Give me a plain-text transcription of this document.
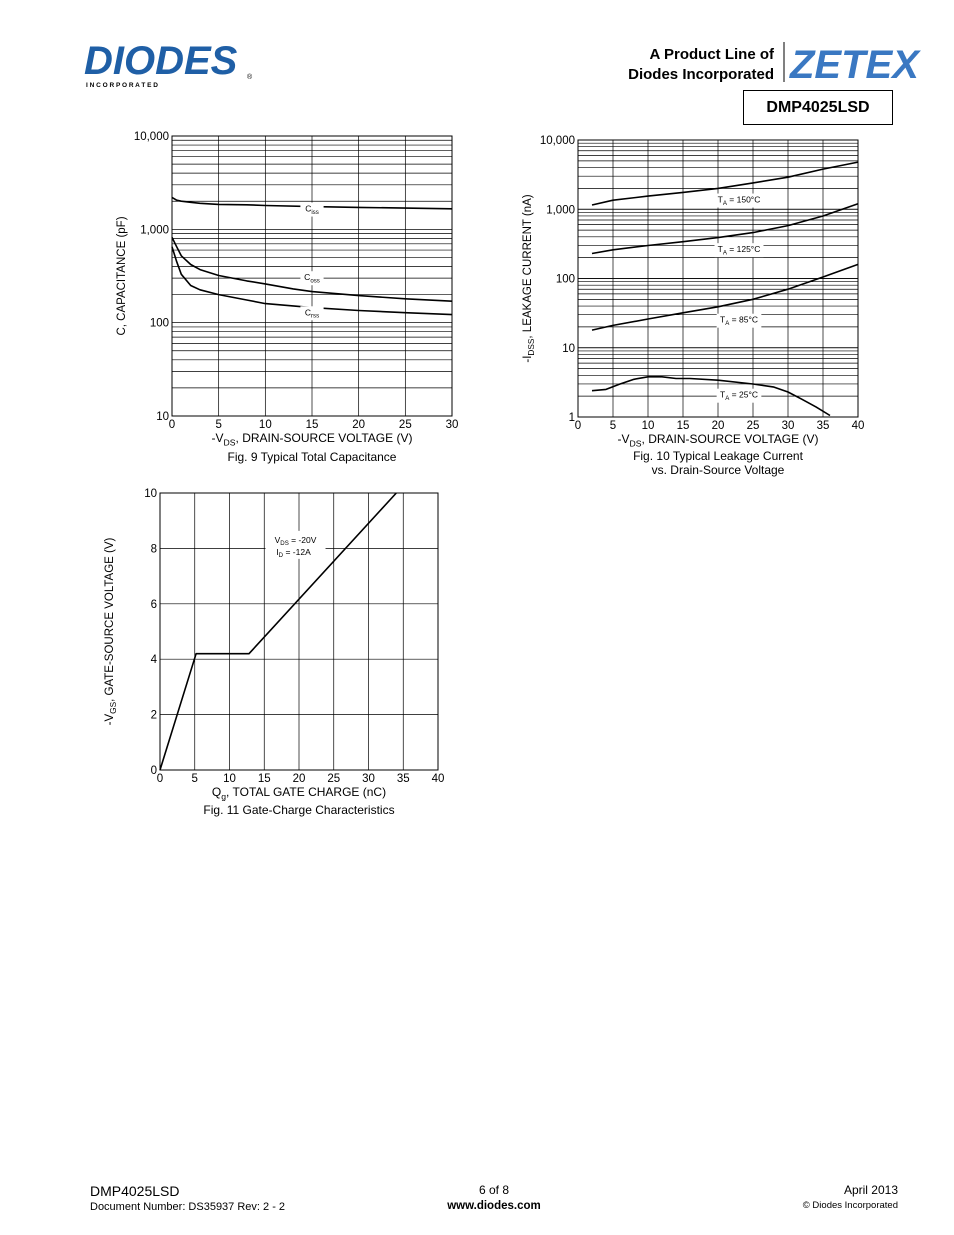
DIODES
I N C O R P O R A T E D
®
A Product Line of
Diodes Incorporated ZETEX
DMP4025LSD
0	5	10	15	20	25	30
10
100
1,000
10,000
$-V_{DS}$, DRAIN-SOURCE VOLTAGE (V)
C, CAPACITANCE (pF)
Fig. 9 Typical Total Capacitance
$C_{iss}$
$C_{oss}$
$C_{rss}$
0 5 10 15 20 25 30 35 40
1
10
100
1,000
10,000
$-V_{DS}$, DRAIN-SOURCE VOLTAGE (V)
$-I_{DSS}$, LEAKAGE CURRENT (nA)
Fig. 10 Typical Leakage Current
vs. Drain-Source Voltage
$T_A = 150^\circ C$
$T_A = 125^\circ C$
$T_A = 85^\circ C$
$T_A = 25^\circ C$
0 5 10 15 20 25 30 35 40
0
2
4
6
8
10
$Q_g$, TOTAL GATE CHARGE (nC)
$-V_{GS}$, GATE-SOURCE VOLTAGE (V)
Fig. 11 Gate-Charge Characteristics
$V_{DS} = -20V$
$I_D = -12A$
DMP4025LSD
Document Number: DS35937 Rev: 2 - 2
6 of 8
www.diodes.com
April 2013
© Diodes Incorporated
